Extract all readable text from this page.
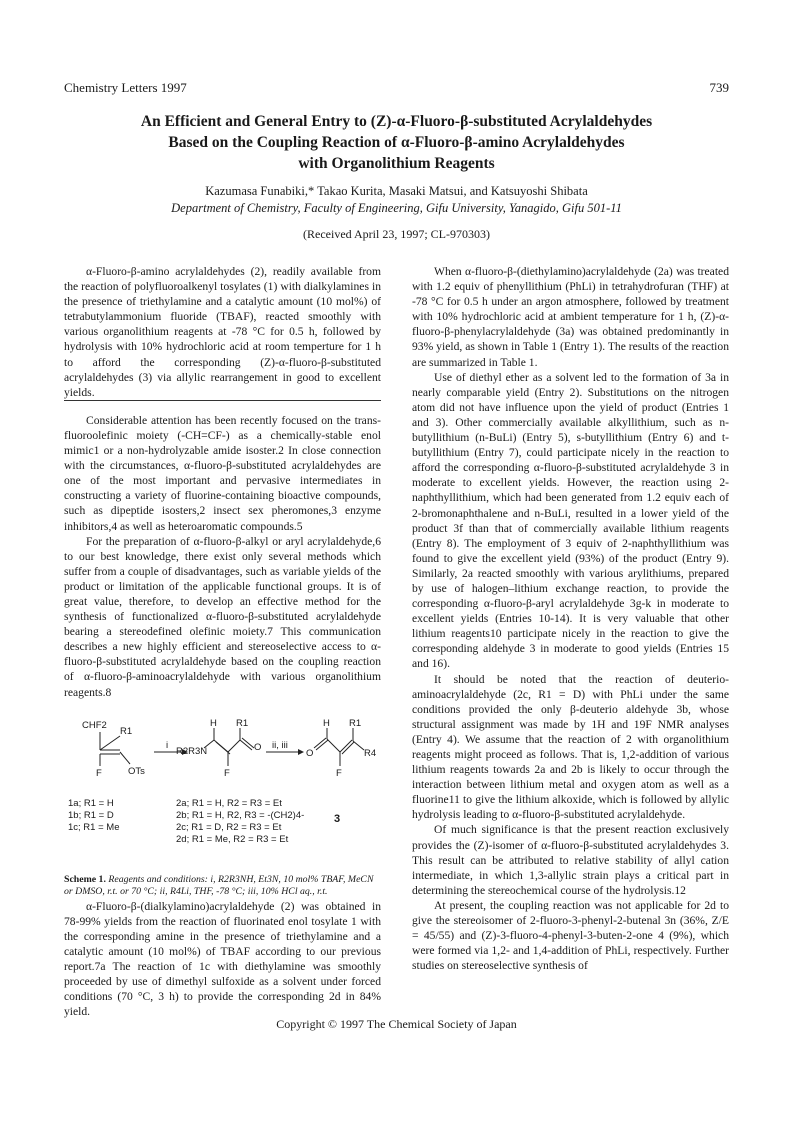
Chemistry Letters 1997	739
An Efficient and General Entry to (Z)-α-Fluoro-β-substituted Acrylaldehydes
Based on the Coupling Reaction of α-Fluoro-β-amino Acrylaldehydes
with Organolithium Reagents
Kazumasa Funabiki,* Takao Kurita, Masaki Matsui, and Katsuyoshi Shibata
Department of Chemistry, Faculty of Engineering, Gifu University, Yanagido, Gifu 501-11
(Received April 23, 1997; CL-970303)

α-Fluoro-β-amino acrylaldehydes (2), readily available from the reaction of polyfluoroalkenyl tosylates (1) with dialkylamines in the presence of triethylamine and a catalytic amount (10 mol%) of tetrabutylammonium fluoride (TBAF), reacted smoothly with various organolithium reagents at -78 °C for 0.5 h, followed by hydrolysis with 10% hydrochloric acid at room temperture for 1 h to afford the corresponding (Z)-α-fluoro-β-substituted acrylaldehydes (3) via allylic rearrangement in good to excellent yields.

Considerable attention has been recently focused on the trans-fluoroolefinic moiety (-CH=CF-) as a chemically-stable enol mimic1 or a non-hydrolyzable amide isoster.2 In close connection with the circumstances, α-fluoro-β-substituted acrylaldehydes are one of the most important and pervasive intermediates in constructing a variety of fluorine-containing bioactive compounds, such as dipeptide isosters,2 insect sex pheromones,3 enzyme inhibitors,4 as well as heteroaromatic compounds.5

For the preparation of α-fluoro-β-alkyl or aryl acrylaldehyde,6 to our best knowledge, there exist only several methods which suffer from a couple of disadvantages, such as variable yields of the product or limitation of the applicable functional groups. It is of great value, therefore, to develop an effective method for the synthesis of functionalized α-fluoro-β-substituted acrylaldehyde bearing a stereodefined olefinic moiety.7 This communication describes a new highly efficient and stereoselective access to α-fluoro-β-substituted acrylaldehyde based on the coupling reaction of α-fluoro-β-aminoacrylaldehyde with various organolithium reagents.8

CHF2
R1
F	OTs
i
H R1
R2R3N	O
F
ii, iii
H R1
O
F
R4
1a; R1 = H
1b; R1 = D
1c; R1 = Me
2a; R1 = H, R2 = R3 = Et
2b; R1 = H, R2, R3 = -(CH2)4-
2c; R1 = D, R2 = R3 = Et
2d; R1 = Me, R2 = R3 = Et
3

Scheme 1. Reagents and conditions: i, R2R3NH, Et3N, 10 mol% TBAF, MeCN or DMSO, r.t. or 70 °C; ii, R4Li, THF, -78 °C; iii, 10% HCl aq., r.t.

α-Fluoro-β-(dialkylamino)acrylaldehyde (2) was obtained in 78-99% yields from the reaction of fluorinated enol tosylate 1 with the corresponding amine in the presence of triethylamine and a catalytic amount (10 mol%) of TBAF according to our previous report.7a The reaction of 1c with diethylamine was smoothly proceeded by use of dimethyl sulfoxide as a solvent under forced conditions (70 °C, 3 h) to provide the corresponding 2d in 84% yield.

When α-fluoro-β-(diethylamino)acrylaldehyde (2a) was treated with 1.2 equiv of phenyllithium (PhLi) in tetrahydrofuran (THF) at -78 °C for 0.5 h under an argon atmosphere, followed by treatment with 10% hydrochloric acid at ambient temperature for 1 h, (Z)-α-fluoro-β-phenylacrylaldehyde (3a) was obtained predominantly in 93% yield, as shown in Table 1 (Entry 1). The results of the reaction are summarized in Table 1.

Use of diethyl ether as a solvent led to the formation of 3a in nearly comparable yield (Entry 2). Substitutions on the nitrogen atom did not have influence upon the yield of product (Entries 1 and 3). Other commercially available alkyllithium, such as n-butyllithium (n-BuLi) (Entry 5), s-butyllithium (Entry 6) and t-butyllithium (Entry 7), could participate nicely in the reaction to afford the corresponding α-fluoro-β-substituted acrylaldehyde 3 in moderate to excellent yields. However, the reaction using 2-naphthyllithium, which had been generated from 1.2 equiv each of 2-bromonaphthalene and n-BuLi, resulted in a lower yield of the product 3f than that of commercially available lithium reagents (Entry 8). The employment of 3 equiv of 2-naphthyllithium was found to give the excellent yield (93%) of the product (Entry 9). Similarly, 2a reacted smoothly with various arylithiums, prepared by use of halogen–lithium exchange reaction, to provide the corresponding α-fluoro-β-aryl acrylaldehyde 3g-k in moderate to excellent yields (Entries 10-14). It is very valuable that other lithium reagents10 participate nicely in the reaction to give the corresponding aldehyde 3 in moderate to good yields (Entries 15 and 16).

It should be noted that the reaction of deuterio-aminoacrylaldehyde (2c, R1 = D) with PhLi under the same conditions provided the only β-deuterio aldehyde 3b, whose structural assignment was made by 1H and 19F NMR analyses (Entry 4). We assume that the reaction of 2 with organolithium reagents might proceed as follows. That is, 1,2-addition of various lithium reagents towards 2a and 2b is likely to occur through the interaction between lithium metal and oxygen atom as well as a fluorine11 to give the lithium alkoxide, which is followed by allylic hydrolysis leading to α-fluoro-β-substituted acrylaldehyde.

Of much significance is that the present reaction exclusively provides the (Z)-isomer of α-fluoro-β-substituted acrylaldehydes 3. This result can be attributed to relative stability of allyl cation intermediate, in which 1,3-allylic strain plays a critical part in determining the stereochemical course of the hydrolysis.12

At present, the coupling reaction was not applicable for 2d to give the stereoisomer of 2-fluoro-3-phenyl-2-butenal 3n (36%, Z/E = 45/55) and (Z)-3-fluoro-4-phenyl-3-buten-2-one 4 (9%), which were formed via 1,2- and 1,4-addition of PhLi, respectively. Further studies on stereoselective synthesis of

Copyright © 1997 The Chemical Society of Japan
